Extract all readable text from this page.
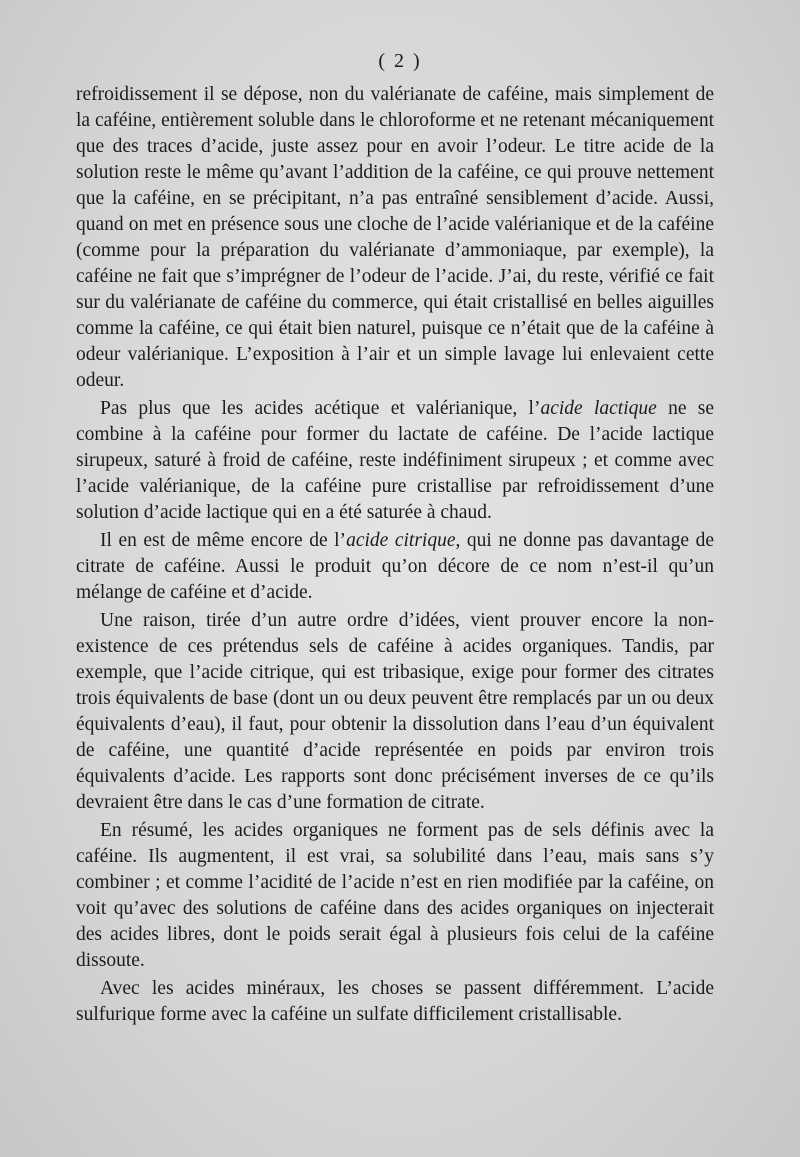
( 2 )

refroidissement il se dépose, non du valérianate de caféine, mais simplement de la caféine, entièrement soluble dans le chloroforme et ne retenant mécaniquement que des traces d’acide, juste assez pour en avoir l’odeur. Le titre acide de la solution reste le même qu’avant l’addition de la caféine, ce qui prouve nettement que la caféine, en se précipitant, n’a pas entraîné sensiblement d’acide. Aussi, quand on met en présence sous une cloche de l’acide valérianique et de la caféine (comme pour la préparation du valérianate d’ammoniaque, par exemple), la caféine ne fait que s’imprégner de l’odeur de l’acide. J’ai, du reste, vérifié ce fait sur du valérianate de caféine du commerce, qui était cristallisé en belles aiguilles comme la caféine, ce qui était bien naturel, puisque ce n’était que de la caféine à odeur valérianique. L’exposition à l’air et un simple lavage lui enlevaient cette odeur.

Pas plus que les acides acétique et valérianique, l’acide lactique ne se combine à la caféine pour former du lactate de caféine. De l’acide lactique sirupeux, saturé à froid de caféine, reste indéfiniment sirupeux ; et comme avec l’acide valérianique, de la caféine pure cristallise par refroidissement d’une solution d’acide lactique qui en a été saturée à chaud.

Il en est de même encore de l’acide citrique, qui ne donne pas davantage de citrate de caféine. Aussi le produit qu’on décore de ce nom n’est-il qu’un mélange de caféine et d’acide.

Une raison, tirée d’un autre ordre d’idées, vient prouver encore la non-existence de ces prétendus sels de caféine à acides organiques. Tandis, par exemple, que l’acide citrique, qui est tribasique, exige pour former des citrates trois équivalents de base (dont un ou deux peuvent être remplacés par un ou deux équivalents d’eau), il faut, pour obtenir la dissolution dans l’eau d’un équivalent de caféine, une quantité d’acide représentée en poids par environ trois équivalents d’acide. Les rapports sont donc précisément inverses de ce qu’ils devraient être dans le cas d’une formation de citrate.

En résumé, les acides organiques ne forment pas de sels définis avec la caféine. Ils augmentent, il est vrai, sa solubilité dans l’eau, mais sans s’y combiner ; et comme l’acidité de l’acide n’est en rien modifiée par la caféine, on voit qu’avec des solutions de caféine dans des acides organiques on injecterait des acides libres, dont le poids serait égal à plusieurs fois celui de la caféine dissoute.

Avec les acides minéraux, les choses se passent différemment. L’acide sulfurique forme avec la caféine un sulfate difficilement cristallisable.
